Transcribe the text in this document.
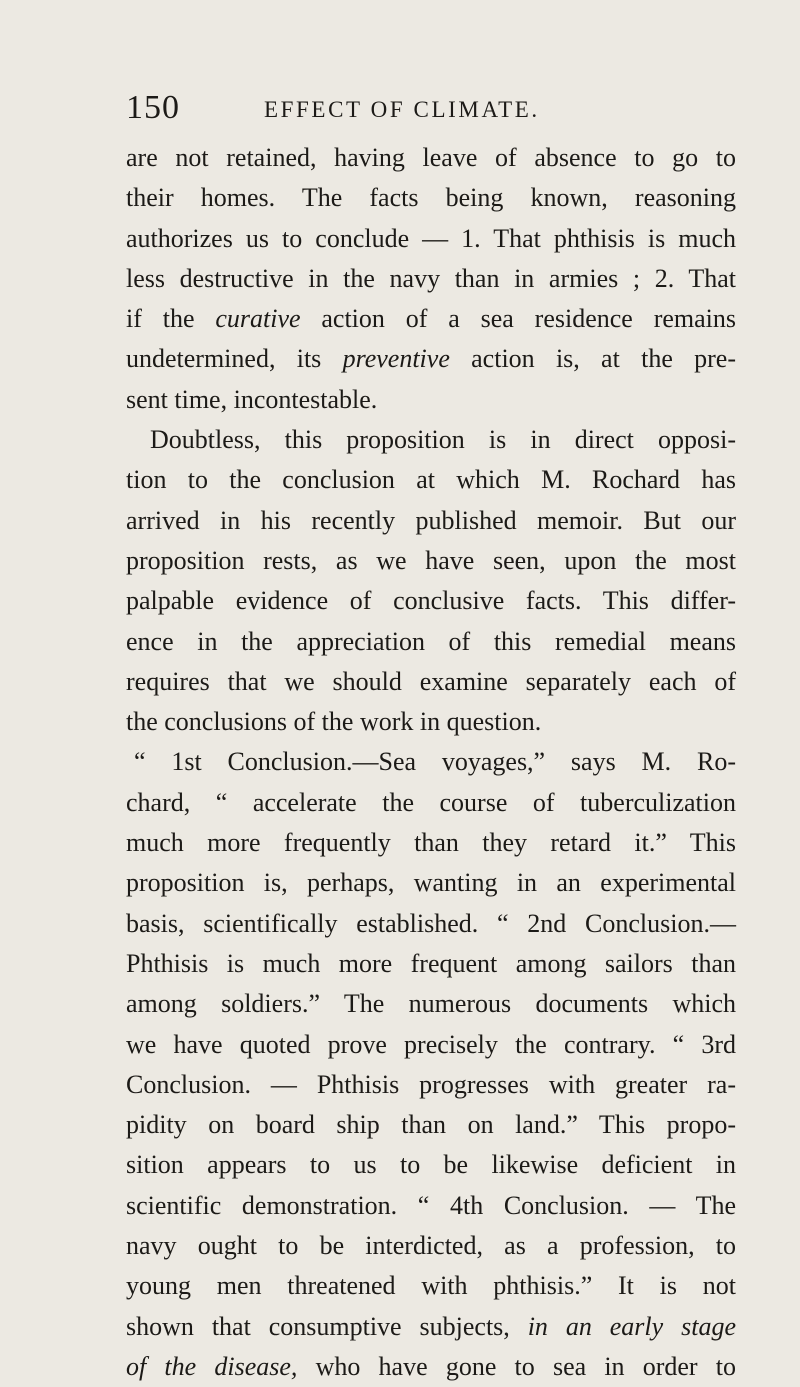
150	EFFECT OF CLIMATE.
are not retained, having leave of absence to go to
their homes. The facts being known, reasoning
authorizes us to conclude — 1. That phthisis is much
less destructive in the navy than in armies ; 2. That
if the curative action of a sea residence remains
undetermined, its preventive action is, at the pre-
sent time, incontestable.
Doubtless, this proposition is in direct opposi-
tion to the conclusion at which M. Rochard has
arrived in his recently published memoir. But our
proposition rests, as we have seen, upon the most
palpable evidence of conclusive facts. This differ-
ence in the appreciation of this remedial means
requires that we should examine separately each of
the conclusions of the work in question.
“ 1st Conclusion.—Sea voyages,” says M. Ro-
chard, “ accelerate the course of tuberculization
much more frequently than they retard it.” This
proposition is, perhaps, wanting in an experimental
basis, scientifically established. “ 2nd Conclusion.—
Phthisis is much more frequent among sailors than
among soldiers.” The numerous documents which
we have quoted prove precisely the contrary. “ 3rd
Conclusion. — Phthisis progresses with greater ra-
pidity on board ship than on land.” This propo-
sition appears to us to be likewise deficient in
scientific demonstration. “ 4th Conclusion. — The
navy ought to be interdicted, as a profession, to
young men threatened with phthisis.” It is not
shown that consumptive subjects, in an early stage
of the disease, who have gone to sea in order to
